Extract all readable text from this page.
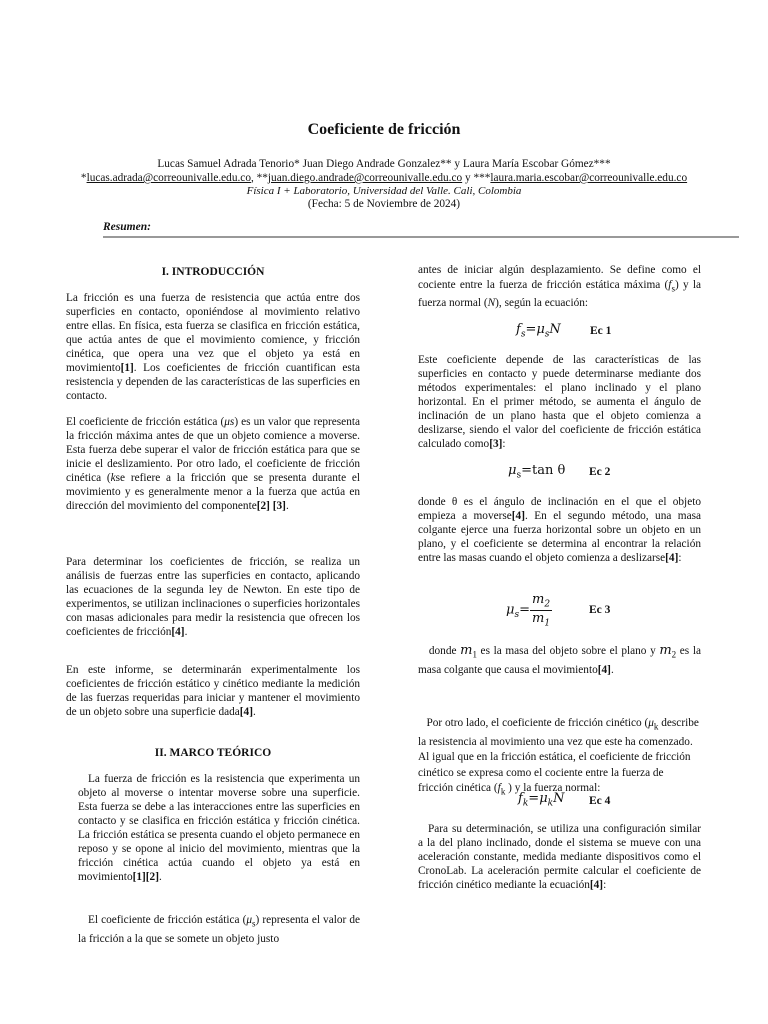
Coeficiente de fricción
Lucas Samuel Adrada Tenorio* Juan Diego Andrade Gonzalez** y Laura María Escobar Gómez***
*lucas.adrada@correounivalle.edu.co, **juan.diego.andrade@correounivalle.edu.co y ***laura.maria.escobar@correounivalle.edu.co
Física I + Laboratorio, Universidad del Valle. Cali, Colombia
(Fecha: 5 de Noviembre de 2024)
Resumen:
I. INTRODUCCIÓN
La fricción es una fuerza de resistencia que actúa entre dos superficies en contacto, oponiéndose al movimiento relativo entre ellas. En física, esta fuerza se clasifica en fricción estática, que actúa antes de que el movimiento comience, y fricción cinética, que opera una vez que el objeto ya está en movimiento[1]. Los coeficientes de fricción cuantifican esta resistencia y dependen de las características de las superficies en contacto.
El coeficiente de fricción estática (μs) es un valor que representa la fricción máxima antes de que un objeto comience a moverse. Esta fuerza debe superar el valor de fricción estática para que se inicie el deslizamiento. Por otro lado, el coeficiente de fricción cinética (kse refiere a la fricción que se presenta durante el movimiento y es generalmente menor a la fuerza que actúa en dirección del movimiento del componente[2] [3].
Para determinar los coeficientes de fricción, se realiza un análisis de fuerzas entre las superficies en contacto, aplicando las ecuaciones de la segunda ley de Newton. En este tipo de experimentos, se utilizan inclinaciones o superficies horizontales con masas adicionales para medir la resistencia que ofrecen los coeficientes de fricción[4].
En este informe, se determinarán experimentalmente los coeficientes de fricción estático y cinético mediante la medición de las fuerzas requeridas para iniciar y mantener el movimiento de un objeto sobre una superficie dada[4].
II. MARCO TEÓRICO
La fuerza de fricción es la resistencia que experimenta un objeto al moverse o intentar moverse sobre una superficie. Esta fuerza se debe a las interacciones entre las superficies en contacto y se clasifica en fricción estática y fricción cinética. La fricción estática se presenta cuando el objeto permanece en reposo y se opone al inicio del movimiento, mientras que la fricción cinética actúa cuando el objeto ya está en movimiento[1][2].
El coeficiente de fricción estática $(\mu_s)$ representa el valor de la fricción a la que se somete un objeto justo
antes de iniciar algún desplazamiento. Se define como el cociente entre la fuerza de fricción estática máxima $(f_s)$ y la fuerza normal (N), según la ecuación:
$f_s=\mu_sN$	Ec 1
Este coeficiente depende de las características de las superficies en contacto y puede determinarse mediante dos métodos experimentales: el plano inclinado y el plano horizontal. En el primer método, se aumenta el ángulo de inclinación de un plano hasta que el objeto comienza a deslizarse, siendo el valor del coeficiente de fricción estática calculado como[3]:
$\mu_s=\tan$ θ Ec 2
donde θ es el ángulo de inclinación en el que el objeto empieza a moverse[4]. En el segundo método, una masa colgante ejerce una fuerza horizontal sobre un objeto en un plano, y el coeficiente se determina al encontrar la relación entre las masas cuando el objeto comienza a deslizarse[4]:
$\mu_s= \frac{m_2}{m_1}$	Ec 3
donde $m_1$ es la masa del objeto sobre el plano y $m_2$ es la masa colgante que causa el movimiento[4].
Por otro lado, el coeficiente de fricción cinético ($\mu_k$ describe la resistencia al movimiento una vez que este ha comenzado. Al igual que en la fricción estática, el coeficiente de fricción cinético se expresa como el cociente entre la fuerza de fricción cinética ($f_k$ ) y la fuerza normal:
$f_k=\mu_kN$ Ec 4
Para su determinación, se utiliza una configuración similar a la del plano inclinado, donde el sistema se mueve con una aceleración constante, medida mediante dispositivos como el CronoLab. La aceleración permite calcular el coeficiente de fricción cinético mediante la ecuación[4]:
